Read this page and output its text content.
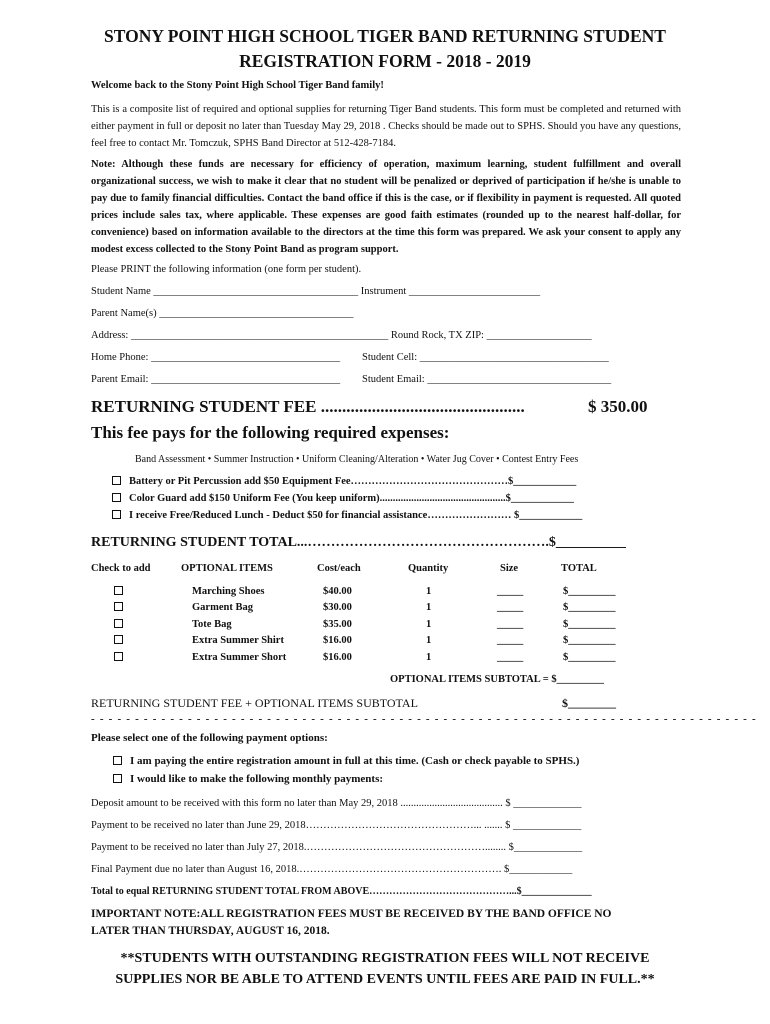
STONY POINT HIGH SCHOOL TIGER BAND RETURNING STUDENT
REGISTRATION FORM - 2018 - 2019
Welcome back to the Stony Point High School Tiger Band family!
This is a composite list of required and optional supplies for returning Tiger Band students. This form must be completed and returned with either payment in full or deposit no later than Tuesday May 29, 2018 . Checks should be made out to SPHS. Should you have any questions, feel free to contact Mr. Tomczuk, SPHS Band Director at 512-428-7184.
Note: Although these funds are necessary for efficiency of operation, maximum learning, student fulfillment and overall organizational success, we wish to make it clear that no student will be penalized or deprived of participation if he/she is unable to pay due to family financial difficulties. Contact the band office if this is the case, or if flexibility in payment is requested. All quoted prices include sales tax, where applicable. These expenses are good faith estimates (rounded up to the nearest half-dollar, for convenience) based on information available to the directors at the time this form was prepared. We ask your consent to apply any modest excess collected to the Stony Point Band as program support.
Please PRINT the following information (one form per student).
Student Name _______________________________________ Instrument _________________________
Parent Name(s) _____________________________________
Address: _________________________________________________ Round Rock, TX ZIP: ____________________
Home Phone: ____________________________________ Student Cell: ____________________________________
Parent Email: ____________________________________ Student Email: ___________________________________
RETURNING STUDENT FEE ................................................	$ 350.00
This fee pays for the following required expenses:
Band Assessment • Summer Instruction • Uniform Cleaning/Alteration • Water Jug Cover • Contest Entry Fees
Battery or Pit Percussion add $50 Equipment Fee………………………………………$____________
Color Guard add $150 Uniform Fee (You keep uniform)................................................$____________
I receive Free/Reduced Lunch - Deduct $50 for financial assistance…………………… $____________
RETURNING STUDENT TOTAL...…………………………………………….$__________
Check to add	OPTIONAL ITEMS	Cost/each	Quantity	Size	TOTAL
Marching Shoes	$40.00	1	_____	$_________
Garment Bag	$30.00	1	_____	$_________
Tote Bag	$35.00	1	_____	$_________
Extra Summer Shirt	$16.00	1	_____	$_________
Extra Summer Short	$16.00	1	_____	$_________
OPTIONAL ITEMS SUBTOTAL = $_________
RETURNING STUDENT FEE + OPTIONAL ITEMS SUBTOTAL	$________
- - - - - - - - - - - - - - - - - - - - - - - - - - - - - - - - - - - - - - - - - - - - - - - - - - - - - - - - - - - - - - - - - - - - - - - - - - - -
Please select one of the following payment options:
I am paying the entire registration amount in full at this time. (Cash or check payable to SPHS.)
I would like to make the following monthly payments:
Deposit amount to be received with this form no later than May 29, 2018 ....................................... $ _____________
Payment to be received no later than June 29, 2018…………………………………………... ....... $ _____________
Payment to be received no later than July 27, 2018.……………………………………………........ $_____________
Final Payment due no later than August 16, 2018.…………………………………………………. $____________
Total to equal RETURNING STUDENT TOTAL FROM ABOVE……………………………………...$______________
IMPORTANT NOTE:ALL REGISTRATION FEES MUST BE RECEIVED BY THE BAND OFFICE NO
LATER THAN THURSDAY, AUGUST 16, 2018.
**STUDENTS WITH OUTSTANDING REGISTRATION FEES WILL NOT RECEIVE
SUPPLIES NOR BE ABLE TO ATTEND EVENTS UNTIL FEES ARE PAID IN FULL.**
